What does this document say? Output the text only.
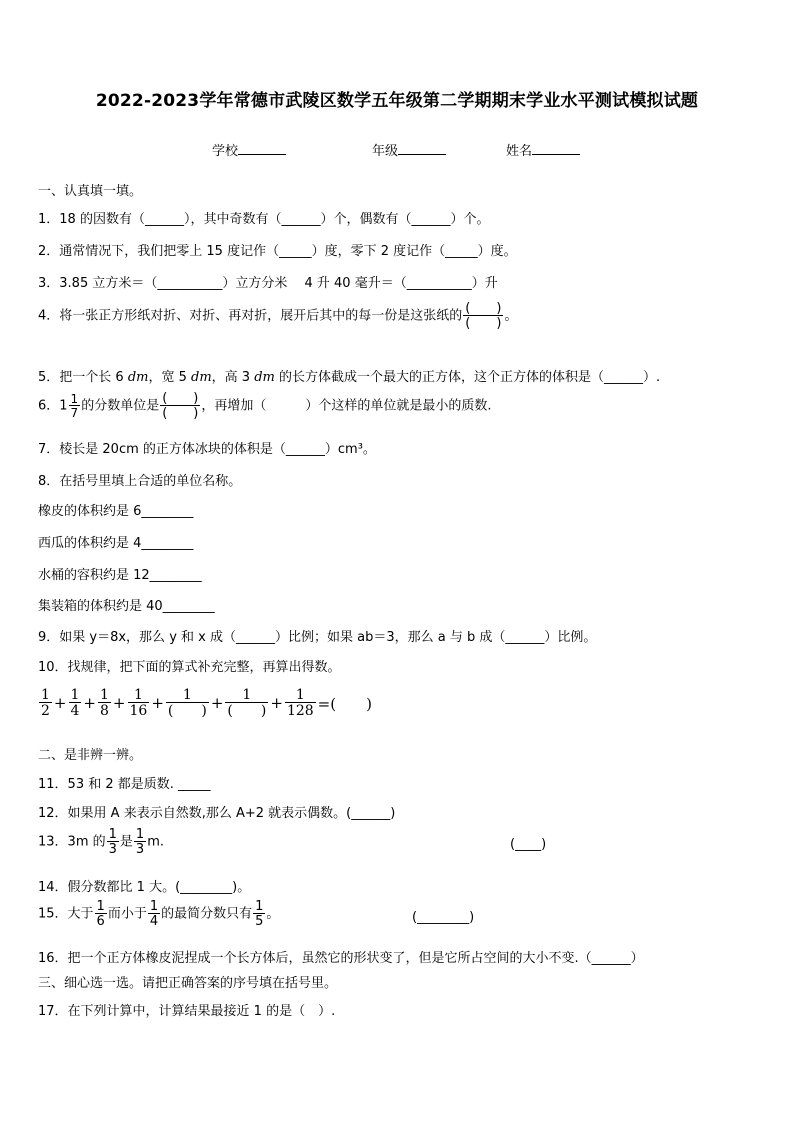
2022-2023学年常德市武陵区数学五年级第二学期期末学业水平测试模拟试题
学校	年级	姓名
一、认真填一填。
1．18 的因数有（______），其中奇数有（______）个，偶数有（______）个。
2．通常情况下，我们把零上 15 度记作（_____）度，零下 2 度记作（_____）度。
3．3.85 立方米＝（__________）立方分米　 4 升 40 毫升＝（__________）升
4．将一张正方形纸对折、对折、再对折，展开后其中的每一份是这张纸的 $\frac{( )}{( )}$ 。
5．把一个长 6 dm，宽 5 dm，高 3 dm 的长方体截成一个最大的正方体，这个正方体的体积是（______）.
6．$1 \frac{1}{7}$ 的分数单位是 $\frac{( )}{( )}$ ，再增加（　　　）个这样的单位就是最小的质数.
7．棱长是 20cm 的正方体冰块的体积是（______）cm³。
8．在括号里填上合适的单位名称。
橡皮的体积约是 6________
西瓜的体积约是 4________
水桶的容积约是 12________
集装箱的体积约是 40________
9．如果 y＝8x，那么 y 和 x 成（______）比例；如果 ab＝3，那么 a 与 b 成（______）比例。
10．找规律，把下面的算式补充完整，再算出得数。
$\frac{1}{2} + \frac{1}{4} + \frac{1}{8} + \frac{1}{16} + \frac{1}{( )} + \frac{1}{( )} + \frac{1}{128}$ =(　　)
二、是非辨一辨。
11．53 和 2 都是质数. _____
12．如果用 A 来表示自然数,那么 A+2 就表示偶数。(______)
13．3m 的 $\frac{1}{3}$ 是 $\frac{1}{3} m$.	(____)
14．假分数都比 1 大。(________)。
15．大于 $\frac{1}{6}$ 而小于 $\frac{1}{4}$ 的最简分数只有 $\frac{1}{5}$ 。	(________)
16．把一个正方体橡皮泥捏成一个长方体后，虽然它的形状变了，但是它所占空间的大小不变.（______）
三、细心选一选。请把正确答案的序号填在括号里。
17．在下列计算中，计算结果最接近 1 的是（　）.
